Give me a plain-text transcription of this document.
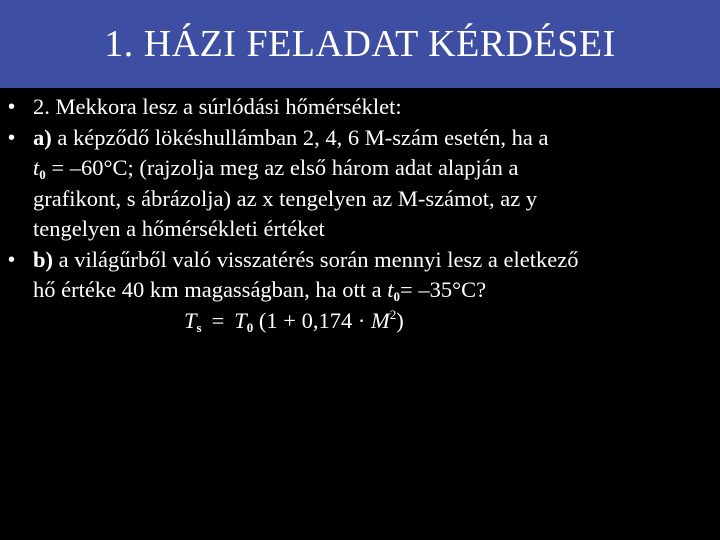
1. HÁZI FELADAT KÉRDÉSEI
• 2. Mekkora lesz a súrlódási hőmérséklet:
• a) a képződő lökéshullámban 2, 4, 6 M-szám esetén, ha a
$t_0 = -60^\circ C$; (rajzolja meg az első három adat alapján a
grafikont, s ábrázolja) az x tengelyen az M-számot, az y
tengelyen a hőmérsékleti értéket
• b) a világűrből való visszatérés során mennyi lesz a eletkező
hő értéke 40 km magasságban, ha ott a $t_0= -35^\circ C$?
$T_s = T_0$ $(1 + 0,174 \cdot M^2)$
